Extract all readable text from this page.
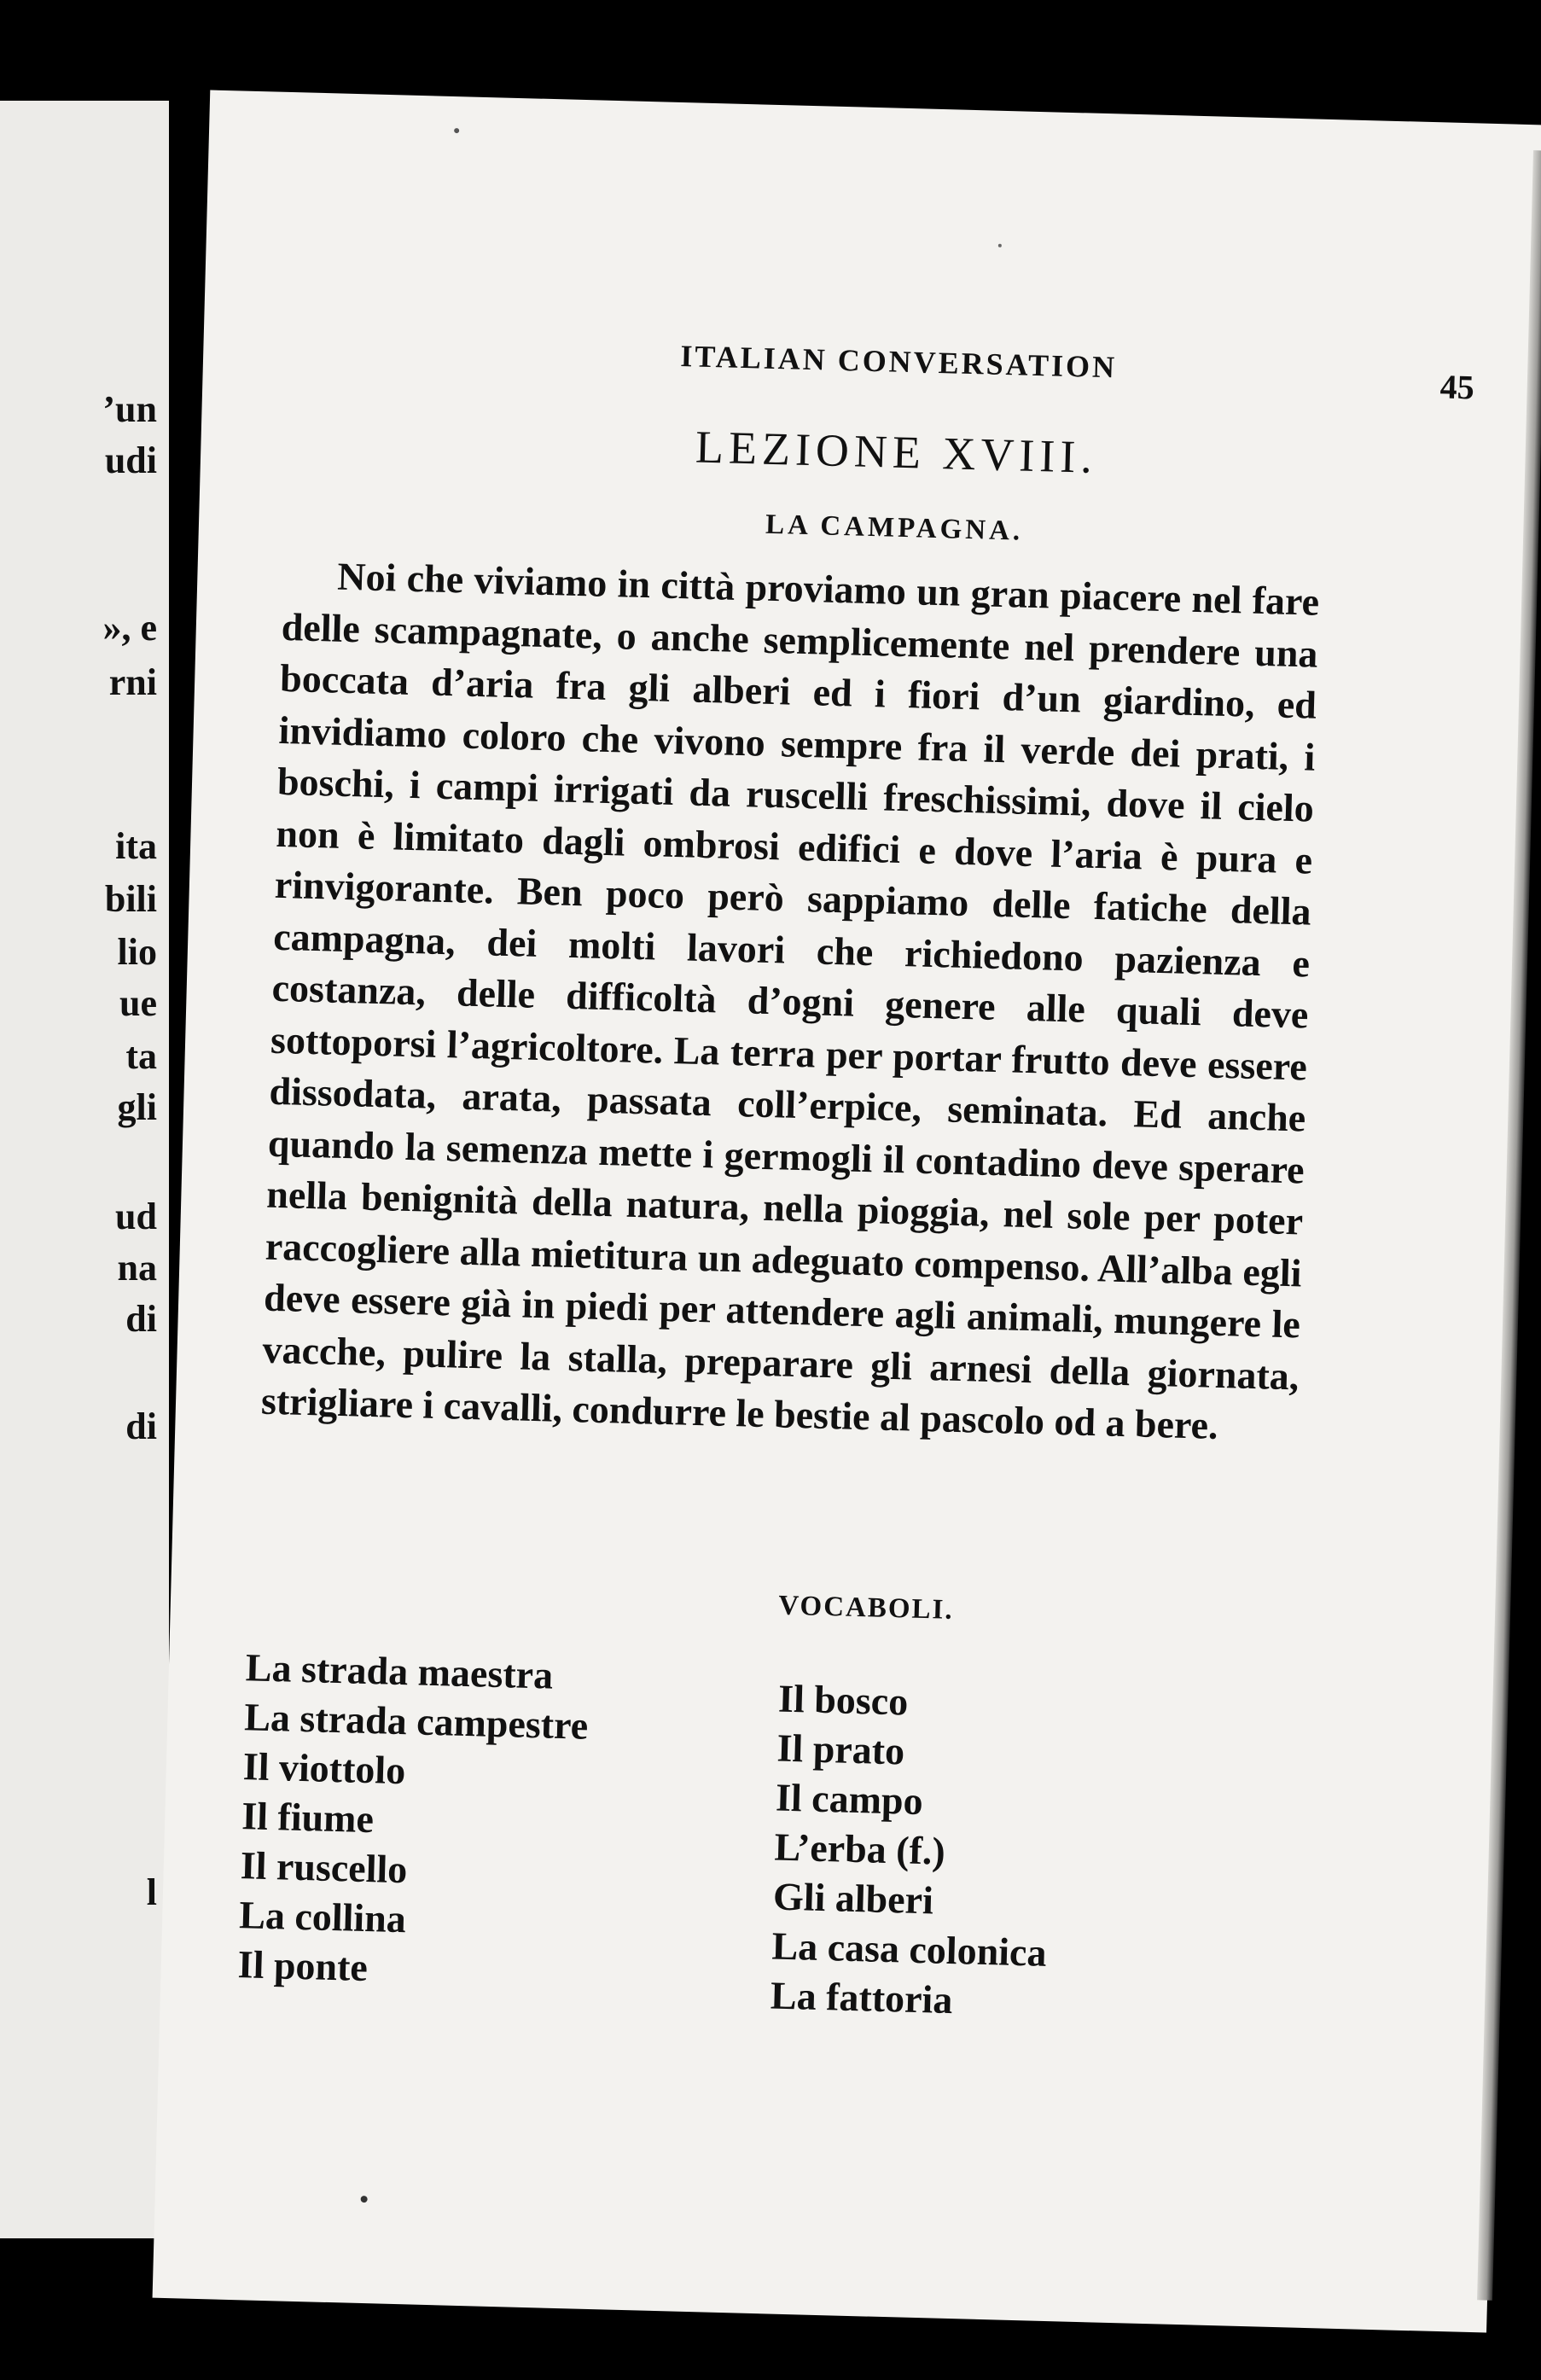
’un
udi
», e
rni
ita
bili
lio
ue
ta
gli
ud
na
di
di
l
ITALIAN CONVERSATION
45
LEZIONE XVIII.
LA CAMPAGNA.

Noi che viviamo in città proviamo un gran piacere nel fare delle scampagnate, o anche semplicemente nel prendere una boccata d’aria fra gli alberi ed i fiori d’un giardino, ed invidiamo coloro che vivono sempre fra il verde dei prati, i boschi, i campi irrigati da ruscelli freschissimi, dove il cielo non è limitato dagli ombrosi edifici e dove l’aria è pura e rinvigorante. Ben poco però sappiamo delle fatiche della campagna, dei molti lavori che richiedono pazienza e costanza, delle difficoltà d’ogni genere alle quali deve sottoporsi l’agricoltore. La terra per portar frutto deve essere dissodata, arata, passata coll’erpice, seminata. Ed anche quando la semenza mette i germogli il contadino deve sperare nella benignità della natura, nella pioggia, nel sole per poter raccogliere alla mietitura un adeguato compenso. All’alba egli deve essere già in piedi per attendere agli animali, mungere le vacche, pulire la stalla, preparare gli arnesi della giornata, strigliare i cavalli, condurre le bestie al pascolo od a bere.

VOCABOLI.
La strada maestra
La strada campestre
Il viottolo
Il fiume
Il ruscello
La collina
Il ponte
Il bosco
Il prato
Il campo
L’erba (f.)
Gli alberi
La casa colonica
La fattoria
